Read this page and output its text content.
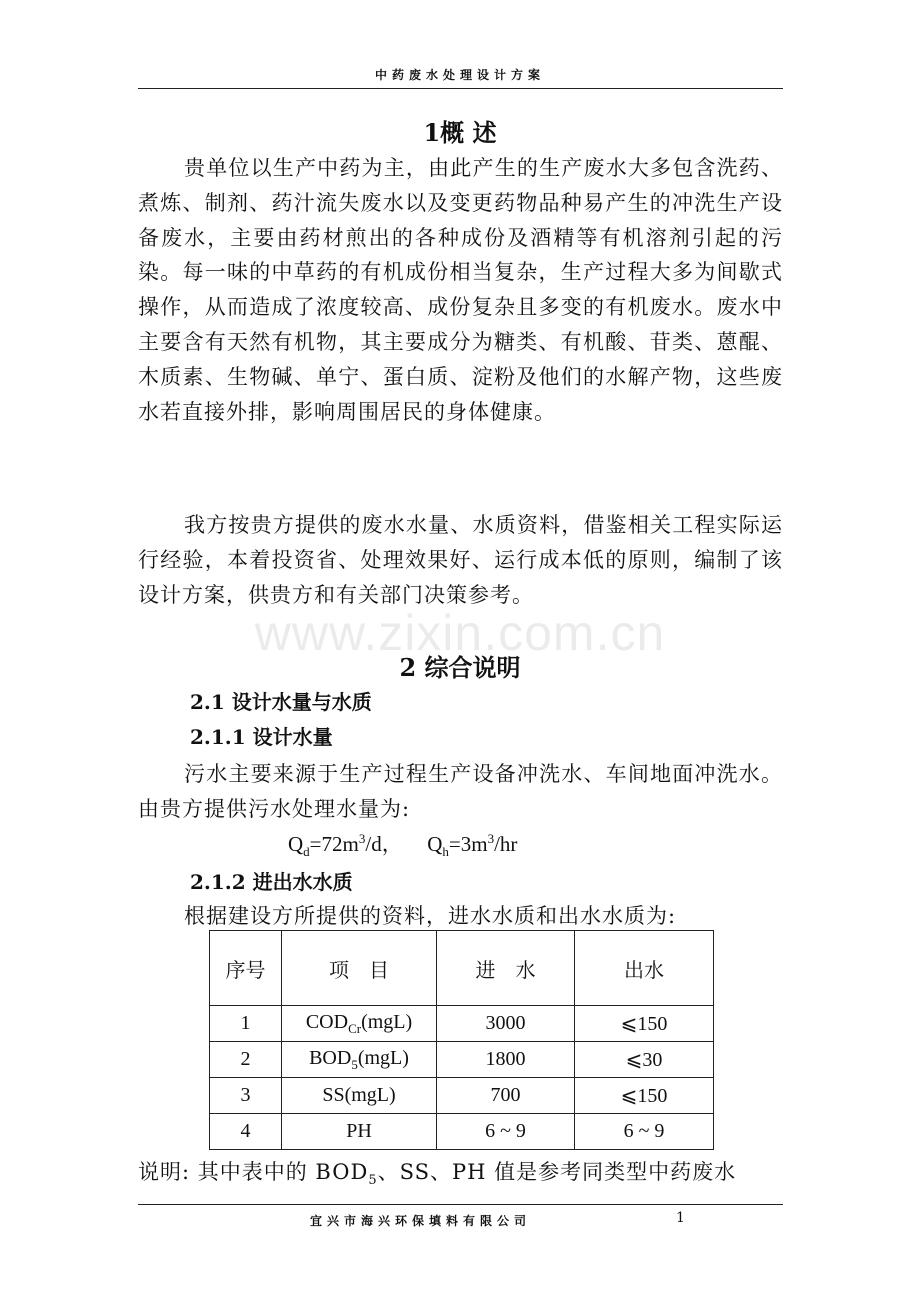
中药废水处理设计方案
1概 述

贵单位以生产中药为主，由此产生的生产废水大多包含洗药、煮炼、制剂、药汁流失废水以及变更药物品种易产生的冲洗生产设备废水，主要由药材煎出的各种成份及酒精等有机溶剂引起的污染。每一味的中草药的有机成份相当复杂，生产过程大多为间歇式操作，从而造成了浓度较高、成份复杂且多变的有机废水。废水中主要含有天然有机物，其主要成分为糖类、有机酸、苷类、蒽醌、木质素、生物碱、单宁、蛋白质、淀粉及他们的水解产物，这些废水若直接外排，影响周围居民的身体健康。

我方按贵方提供的废水水量、水质资料，借鉴相关工程实际运行经验，本着投资省、处理效果好、运行成本低的原则，编制了该设计方案，供贵方和有关部门决策参考。

www.zixin.com.cn
2 综合说明
2.1 设计水量与水质
2.1.1 设计水量

污水主要来源于生产过程生产设备冲洗水、车间地面冲洗水。由贵方提供污水处理水量为:

$Q_d=72m^3/d$， $Q_h=3m^3/hr$
2.1.2 进出水水质

根据建设方所提供的资料，进水水质和出水水质为:

序号	项　目	进　水	出水
1	$COD_{Cr}(mgL)$	3000	⩽150
2	$BOD_5(mgL)$	1800	⩽30
3	SS(mgL)	700	⩽150
4	PH	6 ~ 9	6 ~ 9

说明: 其中表中的 $BOD_5$、SS、PH 值是参考同类型中药废水

宜兴市海兴环保填料有限公司	1
